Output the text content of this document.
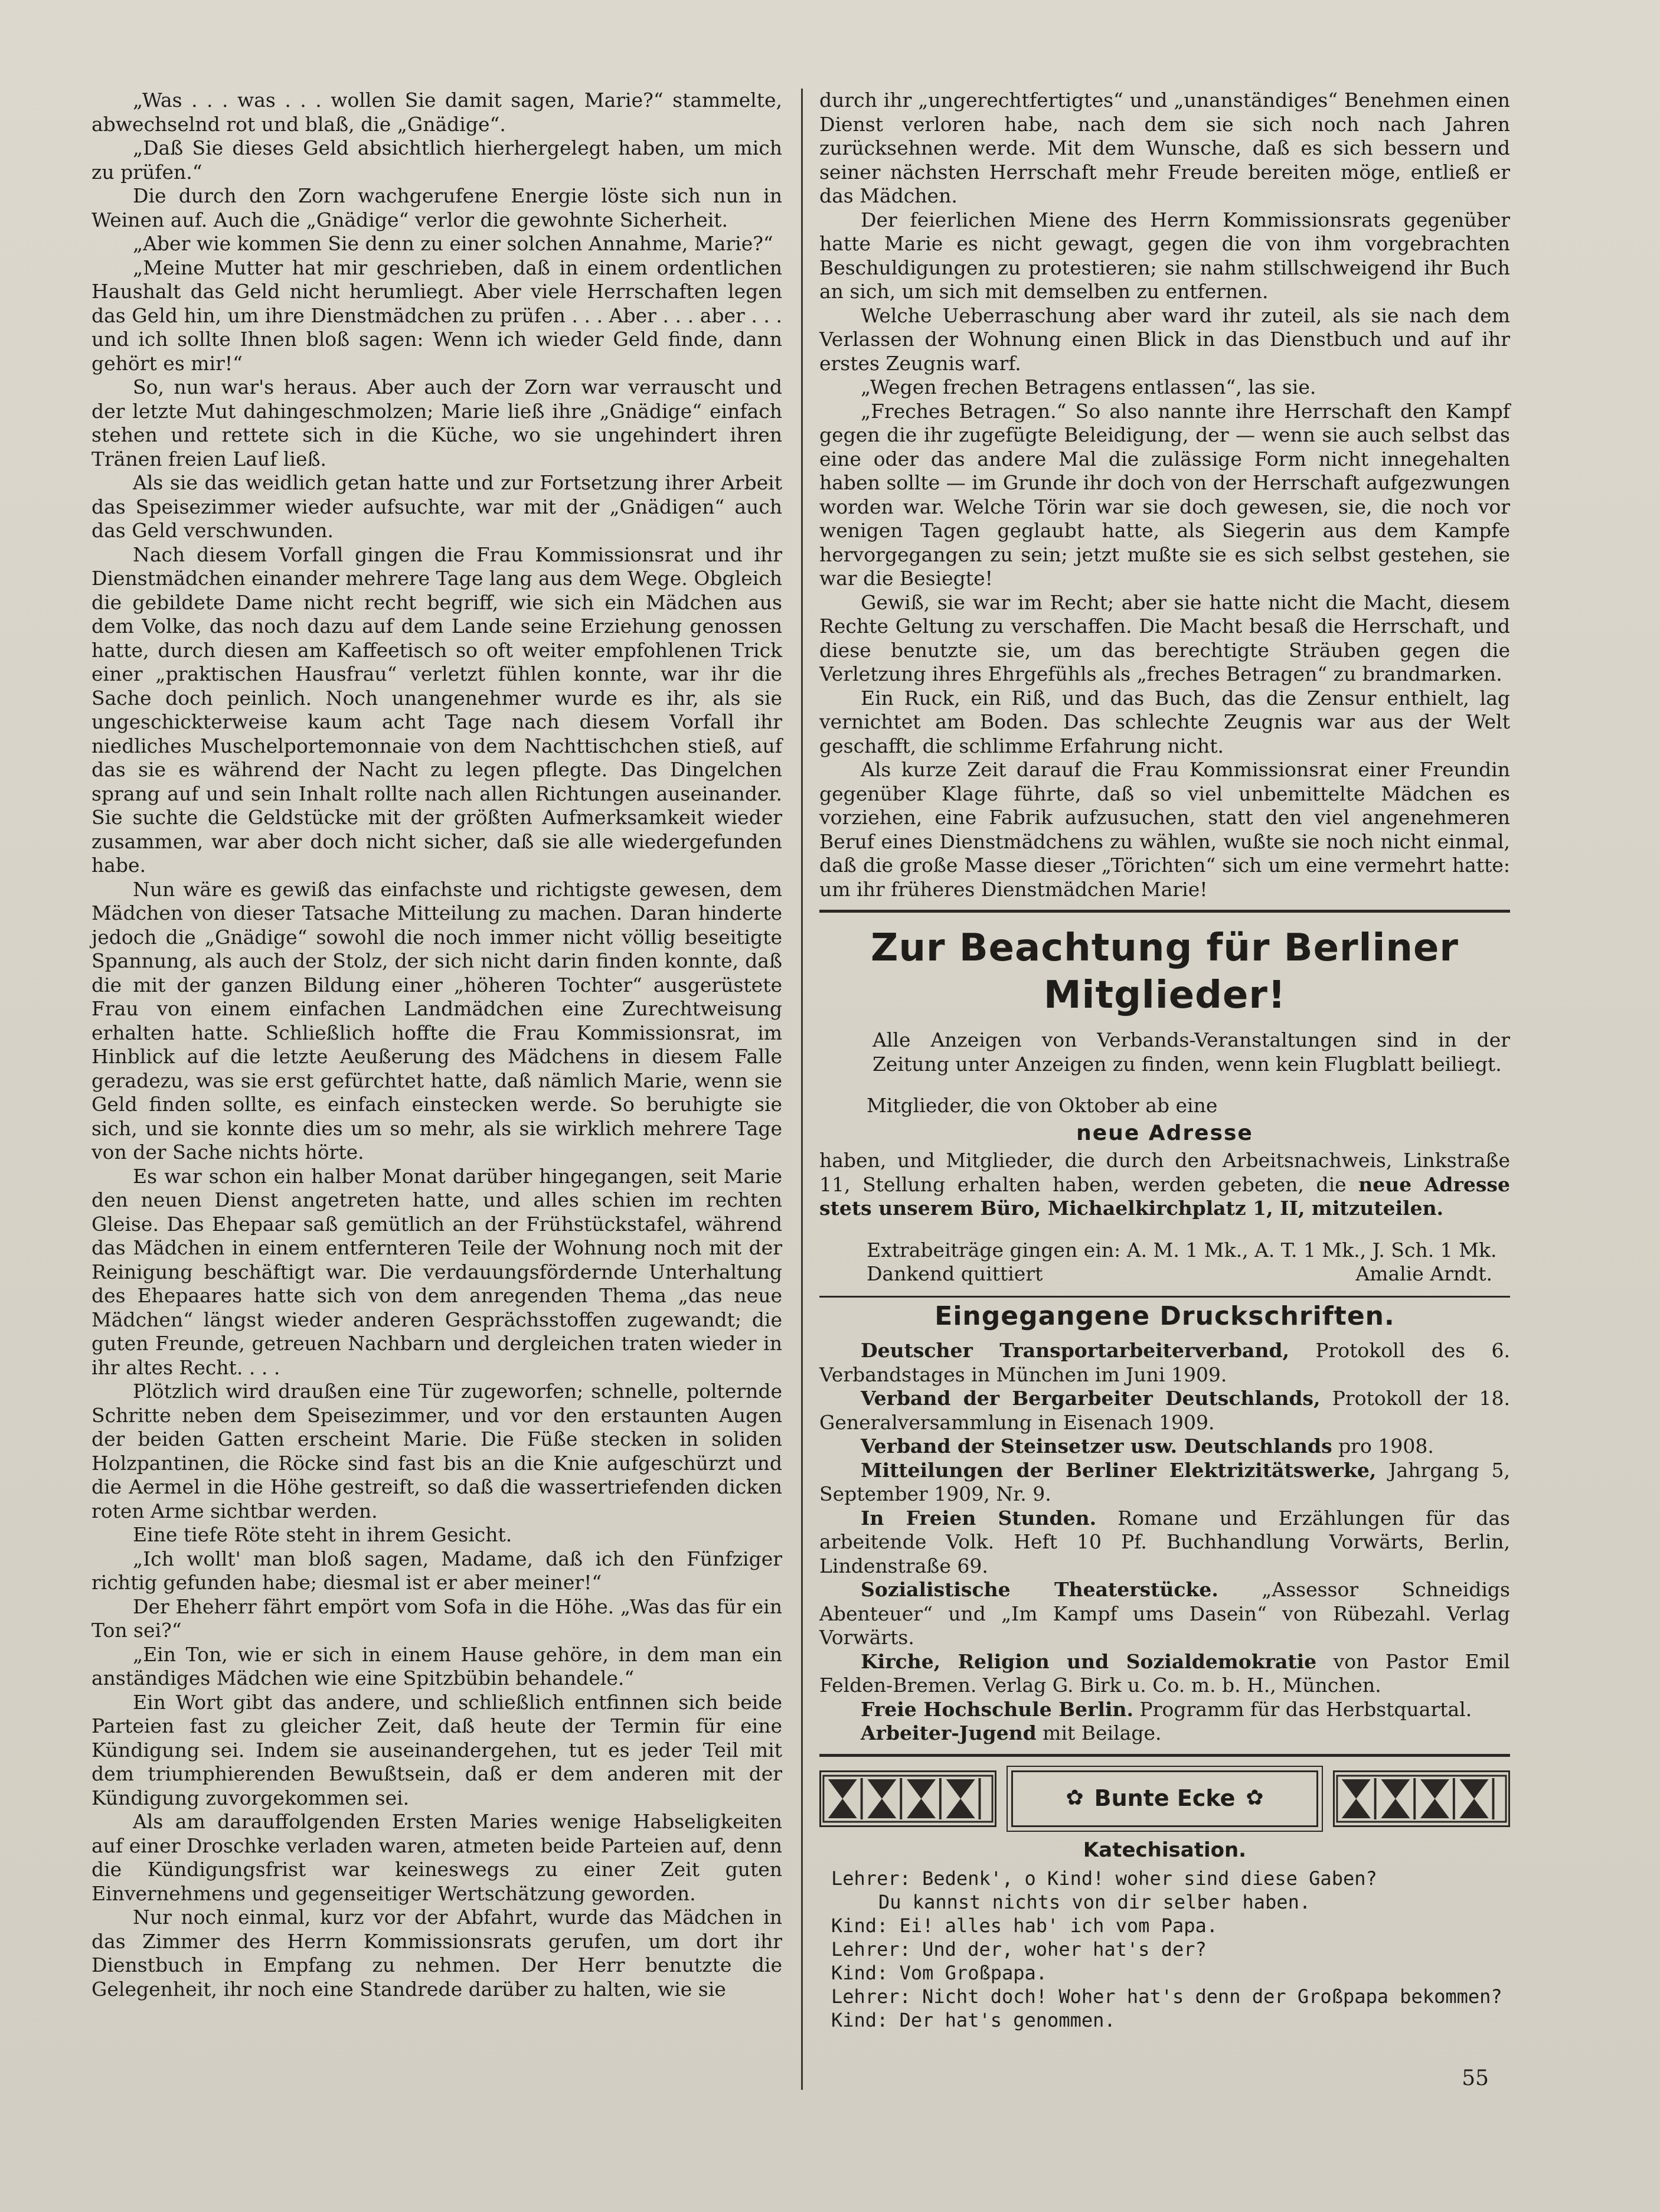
„Was . . . was . . . wollen Sie damit sagen, Marie?“ stammelte, abwechselnd rot und blaß, die „Gnädige“.

„Daß Sie dieses Geld absichtlich hierhergelegt haben, um mich zu prüfen.“

Die durch den Zorn wachgerufene Energie löste sich nun in Weinen auf. Auch die „Gnädige“ verlor die gewohnte Sicherheit.

„Aber wie kommen Sie denn zu einer solchen Annahme, Marie?“

„Meine Mutter hat mir geschrieben, daß in einem ordentlichen Haushalt das Geld nicht herumliegt. Aber viele Herrschaften legen das Geld hin, um ihre Dienstmädchen zu prüfen . . . Aber . . . aber . . . und ich sollte Ihnen bloß sagen: Wenn ich wieder Geld finde, dann gehört es mir!“

So, nun war's heraus. Aber auch der Zorn war verrauscht und der letzte Mut dahingeschmolzen; Marie ließ ihre „Gnädige“ einfach stehen und rettete sich in die Küche, wo sie ungehindert ihren Tränen freien Lauf ließ.

Als sie das weidlich getan hatte und zur Fortsetzung ihrer Arbeit das Speisezimmer wieder aufsuchte, war mit der „Gnädigen“ auch das Geld verschwunden.

Nach diesem Vorfall gingen die Frau Kommissionsrat und ihr Dienstmädchen einander mehrere Tage lang aus dem Wege. Obgleich die gebildete Dame nicht recht begriff, wie sich ein Mädchen aus dem Volke, das noch dazu auf dem Lande seine Erziehung genossen hatte, durch diesen am Kaffeetisch so oft weiter empfohlenen Trick einer „praktischen Hausfrau“ verletzt fühlen konnte, war ihr die Sache doch peinlich. Noch unangenehmer wurde es ihr, als sie ungeschickterweise kaum acht Tage nach diesem Vorfall ihr niedliches Muschelportemonnaie von dem Nachttischchen stieß, auf das sie es während der Nacht zu legen pflegte. Das Dingelchen sprang auf und sein Inhalt rollte nach allen Richtungen auseinander. Sie suchte die Geldstücke mit der größten Aufmerksamkeit wieder zusammen, war aber doch nicht sicher, daß sie alle wiedergefunden habe.

Nun wäre es gewiß das einfachste und richtigste gewesen, dem Mädchen von dieser Tatsache Mitteilung zu machen. Daran hinderte jedoch die „Gnädige“ sowohl die noch immer nicht völlig beseitigte Spannung, als auch der Stolz, der sich nicht darin finden konnte, daß die mit der ganzen Bildung einer „höheren Tochter“ ausgerüstete Frau von einem einfachen Landmädchen eine Zurechtweisung erhalten hatte. Schließlich hoffte die Frau Kommissionsrat, im Hinblick auf die letzte Aeußerung des Mädchens in diesem Falle geradezu, was sie erst gefürchtet hatte, daß nämlich Marie, wenn sie Geld finden sollte, es einfach einstecken werde. So beruhigte sie sich, und sie konnte dies um so mehr, als sie wirklich mehrere Tage von der Sache nichts hörte.

Es war schon ein halber Monat darüber hingegangen, seit Marie den neuen Dienst angetreten hatte, und alles schien im rechten Gleise. Das Ehepaar saß gemütlich an der Frühstückstafel, während das Mädchen in einem entfernteren Teile der Wohnung noch mit der Reinigung beschäftigt war. Die verdauungsfördernde Unterhaltung des Ehepaares hatte sich von dem anregenden Thema „das neue Mädchen“ längst wieder anderen Gesprächsstoffen zugewandt; die guten Freunde, getreuen Nachbarn und dergleichen traten wieder in ihr altes Recht. . . .

Plötzlich wird draußen eine Tür zugeworfen; schnelle, polternde Schritte neben dem Speisezimmer, und vor den erstaunten Augen der beiden Gatten erscheint Marie. Die Füße stecken in soliden Holzpantinen, die Röcke sind fast bis an die Knie aufgeschürzt und die Aermel in die Höhe gestreift, so daß die wassertriefenden dicken roten Arme sichtbar werden.

Eine tiefe Röte steht in ihrem Gesicht.

„Ich wollt' man bloß sagen, Madame, daß ich den Fünfziger richtig gefunden habe; diesmal ist er aber meiner!“

Der Eheherr fährt empört vom Sofa in die Höhe. „Was das für ein Ton sei?“

„Ein Ton, wie er sich in einem Hause gehöre, in dem man ein anständiges Mädchen wie eine Spitzbübin behandele.“

Ein Wort gibt das andere, und schließlich entfinnen sich beide Parteien fast zu gleicher Zeit, daß heute der Termin für eine Kündigung sei. Indem sie auseinandergehen, tut es jeder Teil mit dem triumphierenden Bewußtsein, daß er dem anderen mit der Kündigung zuvorgekommen sei.

Als am darauffolgenden Ersten Maries wenige Habseligkeiten auf einer Droschke verladen waren, atmeten beide Parteien auf, denn die Kündigungsfrist war keineswegs zu einer Zeit guten Einvernehmens und gegenseitiger Wertschätzung geworden.

Nur noch einmal, kurz vor der Abfahrt, wurde das Mädchen in das Zimmer des Herrn Kommissionsrats gerufen, um dort ihr Dienstbuch in Empfang zu nehmen. Der Herr benutzte die Gelegenheit, ihr noch eine Standrede darüber zu halten, wie sie

durch ihr „ungerechtfertigtes“ und „unanständiges“ Benehmen einen Dienst verloren habe, nach dem sie sich noch nach Jahren zurücksehnen werde. Mit dem Wunsche, daß es sich bessern und seiner nächsten Herrschaft mehr Freude bereiten möge, entließ er das Mädchen.

Der feierlichen Miene des Herrn Kommissionsrats gegenüber hatte Marie es nicht gewagt, gegen die von ihm vorgebrachten Beschuldigungen zu protestieren; sie nahm stillschweigend ihr Buch an sich, um sich mit demselben zu entfernen.

Welche Ueberraschung aber ward ihr zuteil, als sie nach dem Verlassen der Wohnung einen Blick in das Dienstbuch und auf ihr erstes Zeugnis warf.

„Wegen frechen Betragens entlassen“, las sie.

„Freches Betragen.“ So also nannte ihre Herrschaft den Kampf gegen die ihr zugefügte Beleidigung, der — wenn sie auch selbst das eine oder das andere Mal die zulässige Form nicht innegehalten haben sollte — im Grunde ihr doch von der Herrschaft aufgezwungen worden war. Welche Törin war sie doch gewesen, sie, die noch vor wenigen Tagen geglaubt hatte, als Siegerin aus dem Kampfe hervorgegangen zu sein; jetzt mußte sie es sich selbst gestehen, sie war die Besiegte!

Gewiß, sie war im Recht; aber sie hatte nicht die Macht, diesem Rechte Geltung zu verschaffen. Die Macht besaß die Herrschaft, und diese benutzte sie, um das berechtigte Sträuben gegen die Verletzung ihres Ehrgefühls als „freches Betragen“ zu brandmarken.

Ein Ruck, ein Riß, und das Buch, das die Zensur enthielt, lag vernichtet am Boden. Das schlechte Zeugnis war aus der Welt geschafft, die schlimme Erfahrung nicht.

Als kurze Zeit darauf die Frau Kommissionsrat einer Freundin gegenüber Klage führte, daß so viel unbemittelte Mädchen es vorziehen, eine Fabrik aufzusuchen, statt den viel angenehmeren Beruf eines Dienstmädchens zu wählen, wußte sie noch nicht einmal, daß die große Masse dieser „Törichten“ sich um eine vermehrt hatte: um ihr früheres Dienstmädchen Marie!

Zur Beachtung für Berliner Mitglieder!

Alle Anzeigen von Verbands-Veranstaltungen sind in der Zeitung unter Anzeigen zu finden, wenn kein Flugblatt beiliegt.

Mitglieder, die von Oktober ab eine

neue Adresse

haben, und Mitglieder, die durch den Arbeitsnachweis, Linkstraße 11, Stellung erhalten haben, werden gebeten, die neue Adresse stets unserem Büro, Michaelkirchplatz 1, II, mitzuteilen.

Extrabeiträge gingen ein: A. M. 1 Mk., A. T. 1 Mk., J. Sch. 1 Mk.

Dankend quittiert	Amalie Arndt.
Eingegangene Druckschriften.

Deutscher Transportarbeiterverband, Protokoll des 6. Verbandstages in München im Juni 1909.

Verband der Bergarbeiter Deutschlands, Protokoll der 18. Generalversammlung in Eisenach 1909.

Verband der Steinsetzer usw. Deutschlands pro 1908.

Mitteilungen der Berliner Elektrizitätswerke, Jahrgang 5, September 1909, Nr. 9.

In Freien Stunden. Romane und Erzählungen für das arbeitende Volk. Heft 10 Pf. Buchhandlung Vorwärts, Berlin, Lindenstraße 69.

Sozialistische Theaterstücke. „Assessor Schneidigs Abenteuer“ und „Im Kampf ums Dasein“ von Rübezahl. Verlag Vorwärts.

Kirche, Religion und Sozialdemokratie von Pastor Emil Felden-Bremen. Verlag G. Birk u. Co. m. b. H., München.

Freie Hochschule Berlin. Programm für das Herbstquartal.

Arbeiter-Jugend mit Beilage.

✿ Bunte Ecke ✿
Katechisation.
Lehrer: Bedenk', o Kind! woher sind diese Gaben?
Du kannst nichts von dir selber haben.
Kind: Ei! alles hab' ich vom Papa.
Lehrer: Und der, woher hat's der?
Kind: Vom Großpapa.
Lehrer: Nicht doch! Woher hat's denn der Großpapa bekommen?
Kind: Der hat's genommen.
55
